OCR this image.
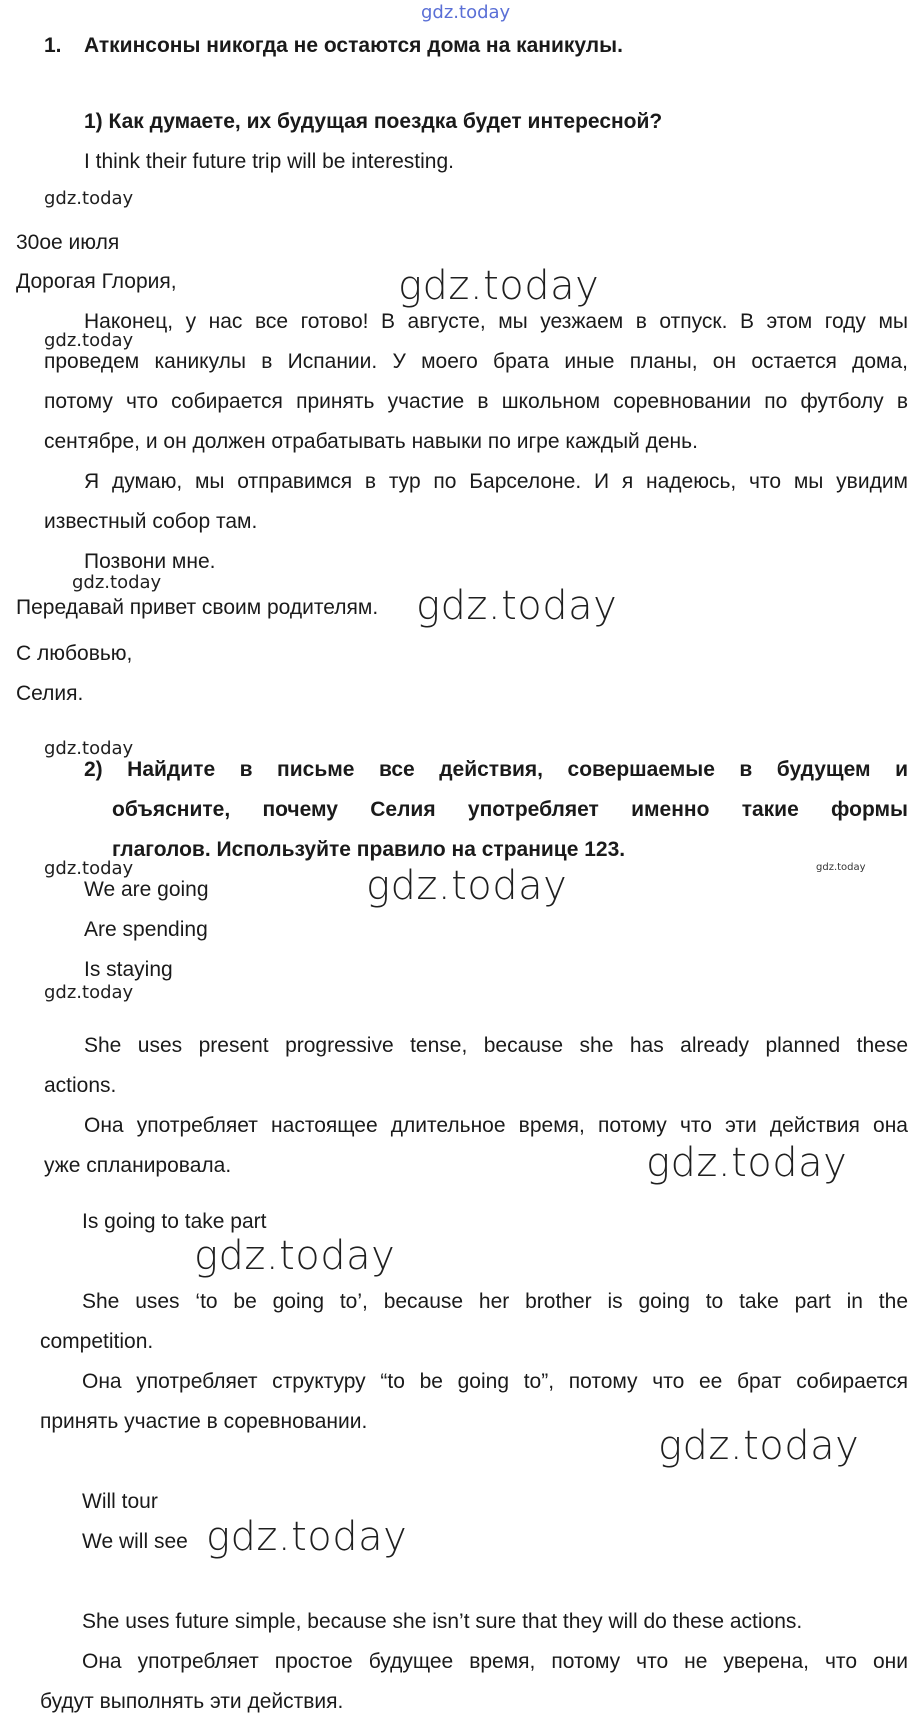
gdz.today
1. Аткинсоны никогда не остаются дома на каникулы.
1) Как думаете, их будущая поездка будет интересной?
I think their future trip will be interesting.
gdz.today
30ое июля
Дорогая Глория,	gdz.today
Наконец, у нас все готово! В августе, мы уезжаем в отпуск. В этом году мы
gdz.today
проведем каникулы в Испании. У моего брата иные планы, он остается дома,
потому что собирается принять участие в школьном соревновании по футболу в
сентябре, и он должен отрабатывать навыки по игре каждый день.
Я думаю, мы отправимся в тур по Барселоне. И я надеюсь, что мы увидим
известный собор там.
Позвони мне.
gdz.today
Передавай привет своим родителям. gdz.today
С любовью,
Селия.
gdz.today
2) Найдите в письме все действия, совершаемые в будущем и
объясните, почему Селия употребляет именно такие формы
глаголов. Используйте правило на странице 123.
gdz.today	gdz.today
We are going	gdz.today
Are spending
Is staying
gdz.today
She uses present progressive tense, because she has already planned these
actions.
Она употребляет настоящее длительное время, потому что эти действия она
уже спланировала.	gdz.today
Is going to take part
gdz.today
She uses ‘to be going to’, because her brother is going to take part in the
competition.
Она употребляет структуру “to be going to”, потому что ее брат собирается
принять участие в соревновании.
gdz.today
Will tour
We will see gdz.today
She uses future simple, because she isn’t sure that they will do these actions.
Она употребляет простое будущее время, потому что не уверена, что они
будут выполнять эти действия.
